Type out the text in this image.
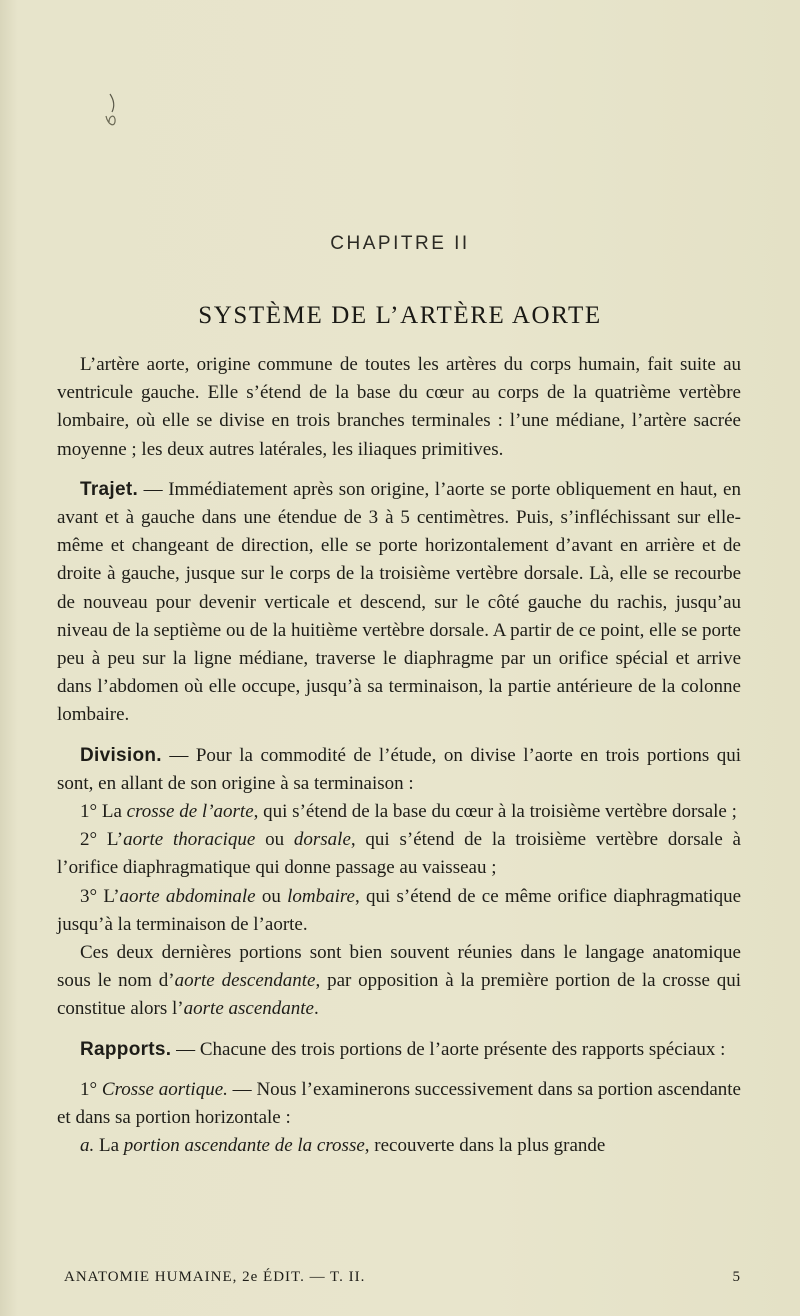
CHAPITRE II
SYSTÈME DE L’ARTÈRE AORTE

L’artère aorte, origine commune de toutes les artères du corps humain, fait suite au ventricule gauche. Elle s’étend de la base du cœur au corps de la quatrième vertèbre lombaire, où elle se divise en trois branches terminales : l’une médiane, l’artère sacrée moyenne ; les deux autres latérales, les iliaques primitives.

Trajet. — Immédiatement après son origine, l’aorte se porte obliquement en haut, en avant et à gauche dans une étendue de 3 à 5 centimètres. Puis, s’infléchissant sur elle-même et changeant de direction, elle se porte horizontalement d’avant en arrière et de droite à gauche, jusque sur le corps de la troisième vertèbre dorsale. Là, elle se recourbe de nouveau pour devenir verticale et descend, sur le côté gauche du rachis, jusqu’au niveau de la septième ou de la huitième vertèbre dorsale. A partir de ce point, elle se porte peu à peu sur la ligne médiane, traverse le diaphragme par un orifice spécial et arrive dans l’abdomen où elle occupe, jusqu’à sa terminaison, la partie antérieure de la colonne lombaire.

Division. — Pour la commodité de l’étude, on divise l’aorte en trois portions qui sont, en allant de son origine à sa terminaison :

1° La crosse de l’aorte, qui s’étend de la base du cœur à la troisième vertèbre dorsale ;

2° L’aorte thoracique ou dorsale, qui s’étend de la troisième vertèbre dorsale à l’orifice diaphragmatique qui donne passage au vaisseau ;

3° L’aorte abdominale ou lombaire, qui s’étend de ce même orifice diaphragmatique jusqu’à la terminaison de l’aorte.

Ces deux dernières portions sont bien souvent réunies dans le langage anatomique sous le nom d’aorte descendante, par opposition à la première portion de la crosse qui constitue alors l’aorte ascendante.

Rapports. — Chacune des trois portions de l’aorte présente des rapports spéciaux :

1° Crosse aortique. — Nous l’examinerons successivement dans sa portion ascendante et dans sa portion horizontale :

a. La portion ascendante de la crosse, recouverte dans la plus grande

ANATOMIE HUMAINE, 2e ÉDIT. — T. II.	5
